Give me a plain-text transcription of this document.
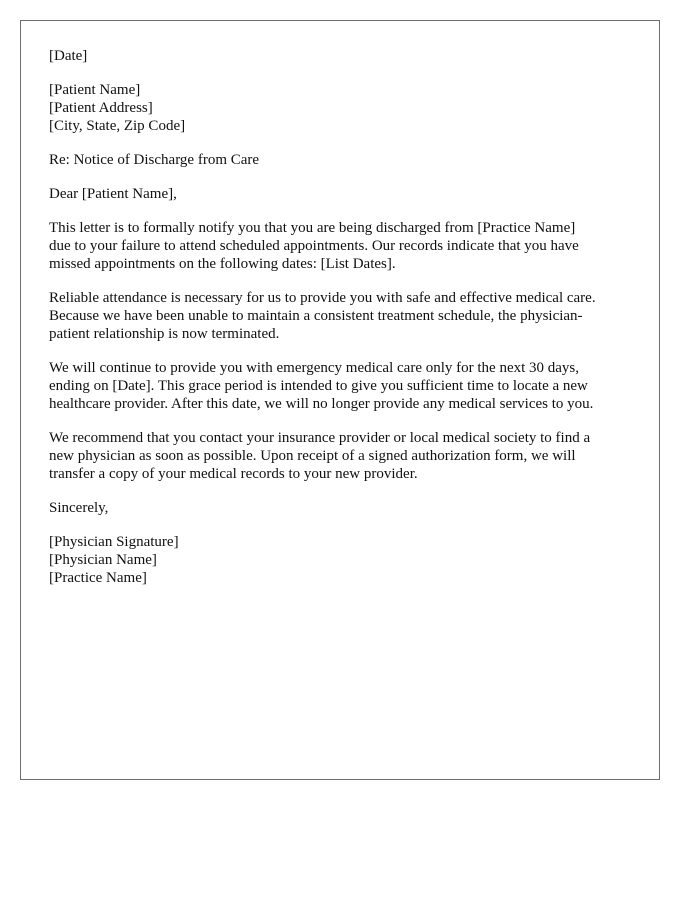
[Date]
[Patient Name]
[Patient Address]
[City, State, Zip Code]
Re: Notice of Discharge from Care
Dear [Patient Name],

This letter is to formally notify you that you are being discharged from [Practice Name]
due to your failure to attend scheduled appointments. Our records indicate that you have
missed appointments on the following dates: [List Dates].

Reliable attendance is necessary for us to provide you with safe and effective medical care.
Because we have been unable to maintain a consistent treatment schedule, the physician-
patient relationship is now terminated.

We will continue to provide you with emergency medical care only for the next 30 days,
ending on [Date]. This grace period is intended to give you sufficient time to locate a new
healthcare provider. After this date, we will no longer provide any medical services to you.

We recommend that you contact your insurance provider or local medical society to find a
new physician as soon as possible. Upon receipt of a signed authorization form, we will
transfer a copy of your medical records to your new provider.

Sincerely,
[Physician Signature]
[Physician Name]
[Practice Name]
